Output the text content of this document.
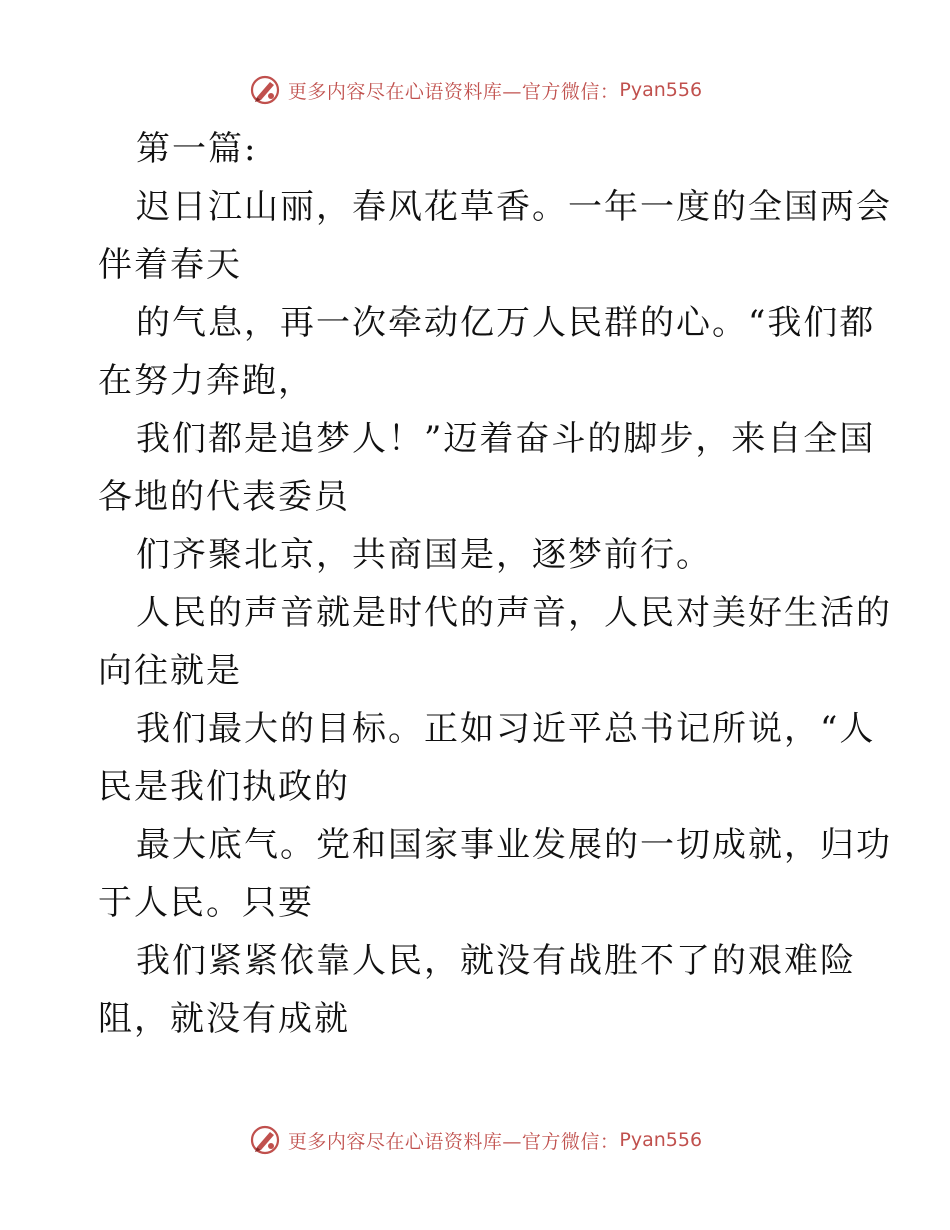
更多内容尽在心语资料库—官方微信： Pyan556
第一篇:
迟日江山丽，春风花草香。一年一度的全国两会
伴着春天
的气息，再一次牵动亿万人民群的心。“我们都
在努力奔跑，
我们都是追梦人！”迈着奋斗的脚步，来自全国
各地的代表委员
们齐聚北京，共商国是，逐梦前行。
人民的声音就是时代的声音，人民对美好生活的
向往就是
我们最大的目标。正如习近平总书记所说，“人
民是我们执政的
最大底气。党和国家事业发展的一切成就，归功
于人民。只要
我们紧紧依靠人民，就没有战胜不了的艰难险
阻，就没有成就
更多内容尽在心语资料库—官方微信： Pyan556
